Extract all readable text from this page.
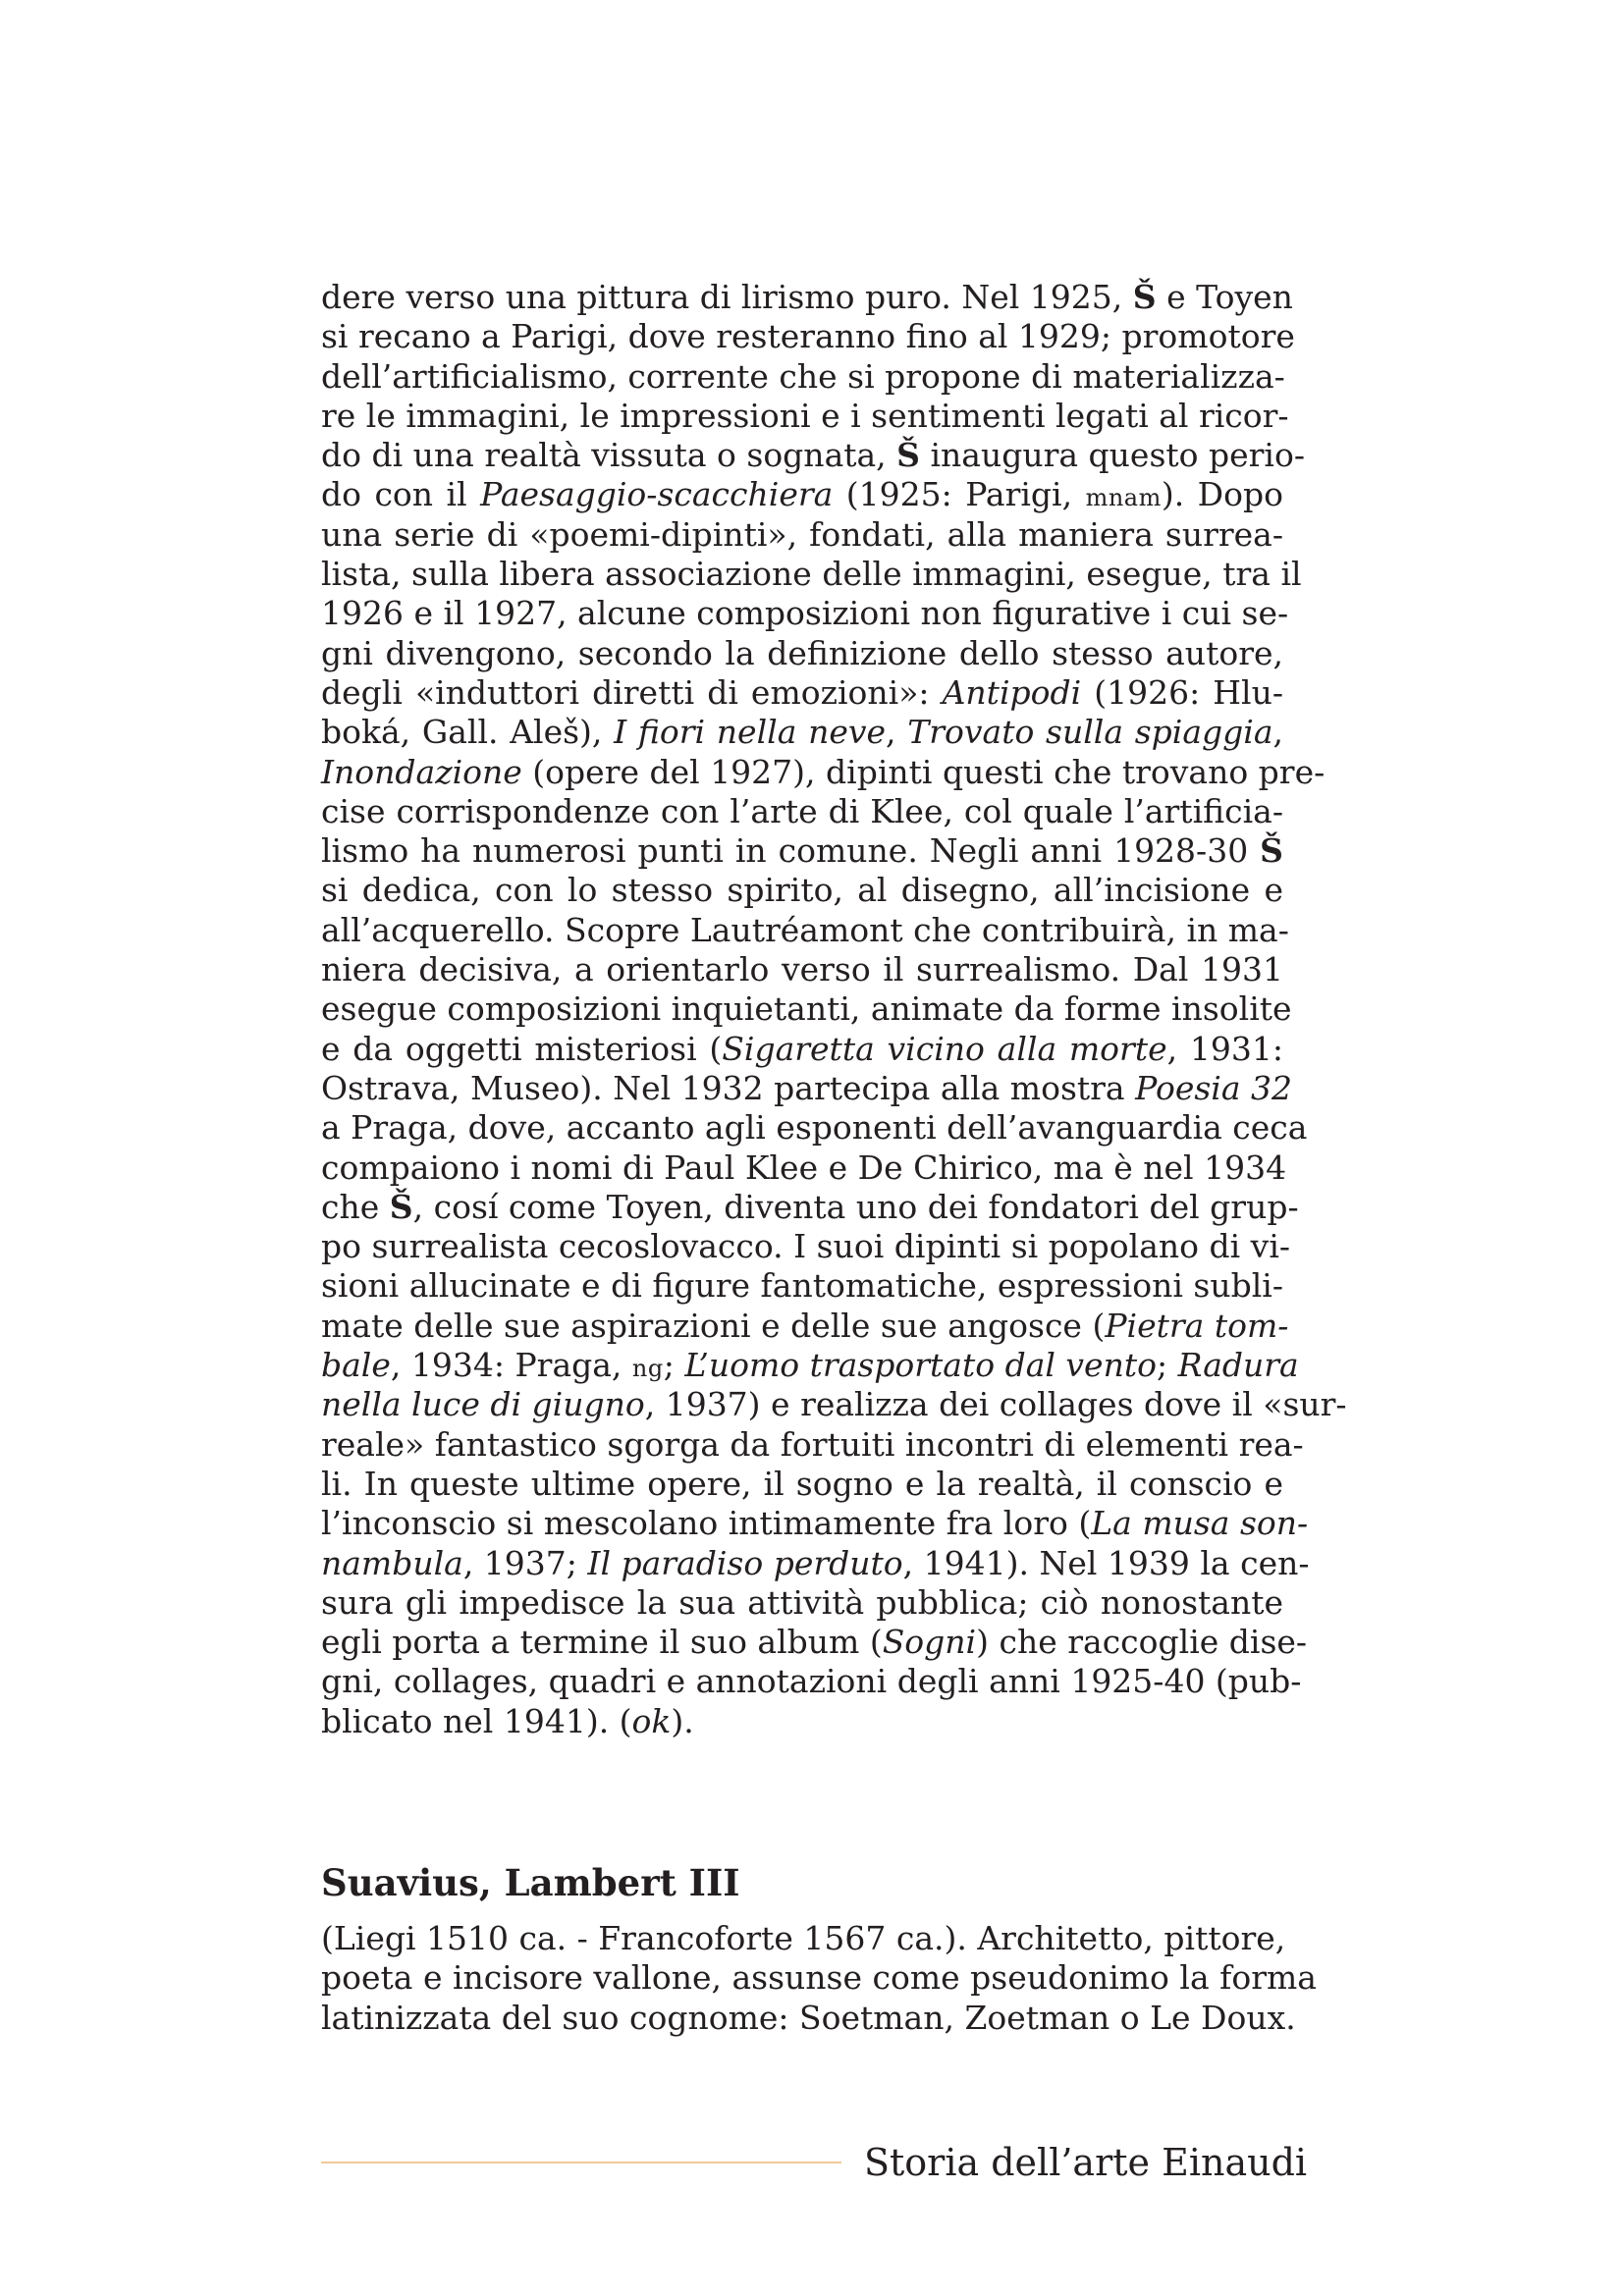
dere verso una pittura di lirismo puro. Nel 1925, Š e Toyen
si recano a Parigi, dove resteranno fino al 1929; promotore
dell’artificialismo, corrente che si propone di materializza-
re le immagini, le impressioni e i sentimenti legati al ricor-
do di una realtà vissuta o sognata, Š inaugura questo perio-
do con il Paesaggio-scacchiera (1925: Parigi, mnam). Dopo
una serie di «poemi-dipinti», fondati, alla maniera surrea-
lista, sulla libera associazione delle immagini, esegue, tra il
1926 e il 1927, alcune composizioni non figurative i cui se-
gni divengono, secondo la definizione dello stesso autore,
degli «induttori diretti di emozioni»: Antipodi (1926: Hlu-
boká, Gall. Aleš), I fiori nella neve, Trovato sulla spiaggia,
Inondazione (opere del 1927), dipinti questi che trovano pre-
cise corrispondenze con l’arte di Klee, col quale l’artificia-
lismo ha numerosi punti in comune. Negli anni 1928-30 Š
si dedica, con lo stesso spirito, al disegno, all’incisione e
all’acquerello. Scopre Lautréamont che contribuirà, in ma-
niera decisiva, a orientarlo verso il surrealismo. Dal 1931
esegue composizioni inquietanti, animate da forme insolite
e da oggetti misteriosi (Sigaretta vicino alla morte, 1931:
Ostrava, Museo). Nel 1932 partecipa alla mostra Poesia 32
a Praga, dove, accanto agli esponenti dell’avanguardia ceca
compaiono i nomi di Paul Klee e De Chirico, ma è nel 1934
che Š, cosí come Toyen, diventa uno dei fondatori del grup-
po surrealista cecoslovacco. I suoi dipinti si popolano di vi-
sioni allucinate e di figure fantomatiche, espressioni subli-
mate delle sue aspirazioni e delle sue angosce (Pietra tom-
bale, 1934: Praga, ng; L’uomo trasportato dal vento; Radura
nella luce di giugno, 1937) e realizza dei collages dove il «sur-
reale» fantastico sgorga da fortuiti incontri di elementi rea-
li. In queste ultime opere, il sogno e la realtà, il conscio e
l’inconscio si mescolano intimamente fra loro (La musa son-
nambula, 1937; Il paradiso perduto, 1941). Nel 1939 la cen-
sura gli impedisce la sua attività pubblica; ciò nonostante
egli porta a termine il suo album (Sogni) che raccoglie dise-
gni, collages, quadri e annotazioni degli anni 1925-40 (pub-
blicato nel 1941). (ok).
Suavius, Lambert III
(Liegi 1510 ca. - Francoforte 1567 ca.). Architetto, pittore,
poeta e incisore vallone, assunse come pseudonimo la forma
latinizzata del suo cognome: Soetman, Zoetman o Le Doux.
Storia dell’arte Einaudi
